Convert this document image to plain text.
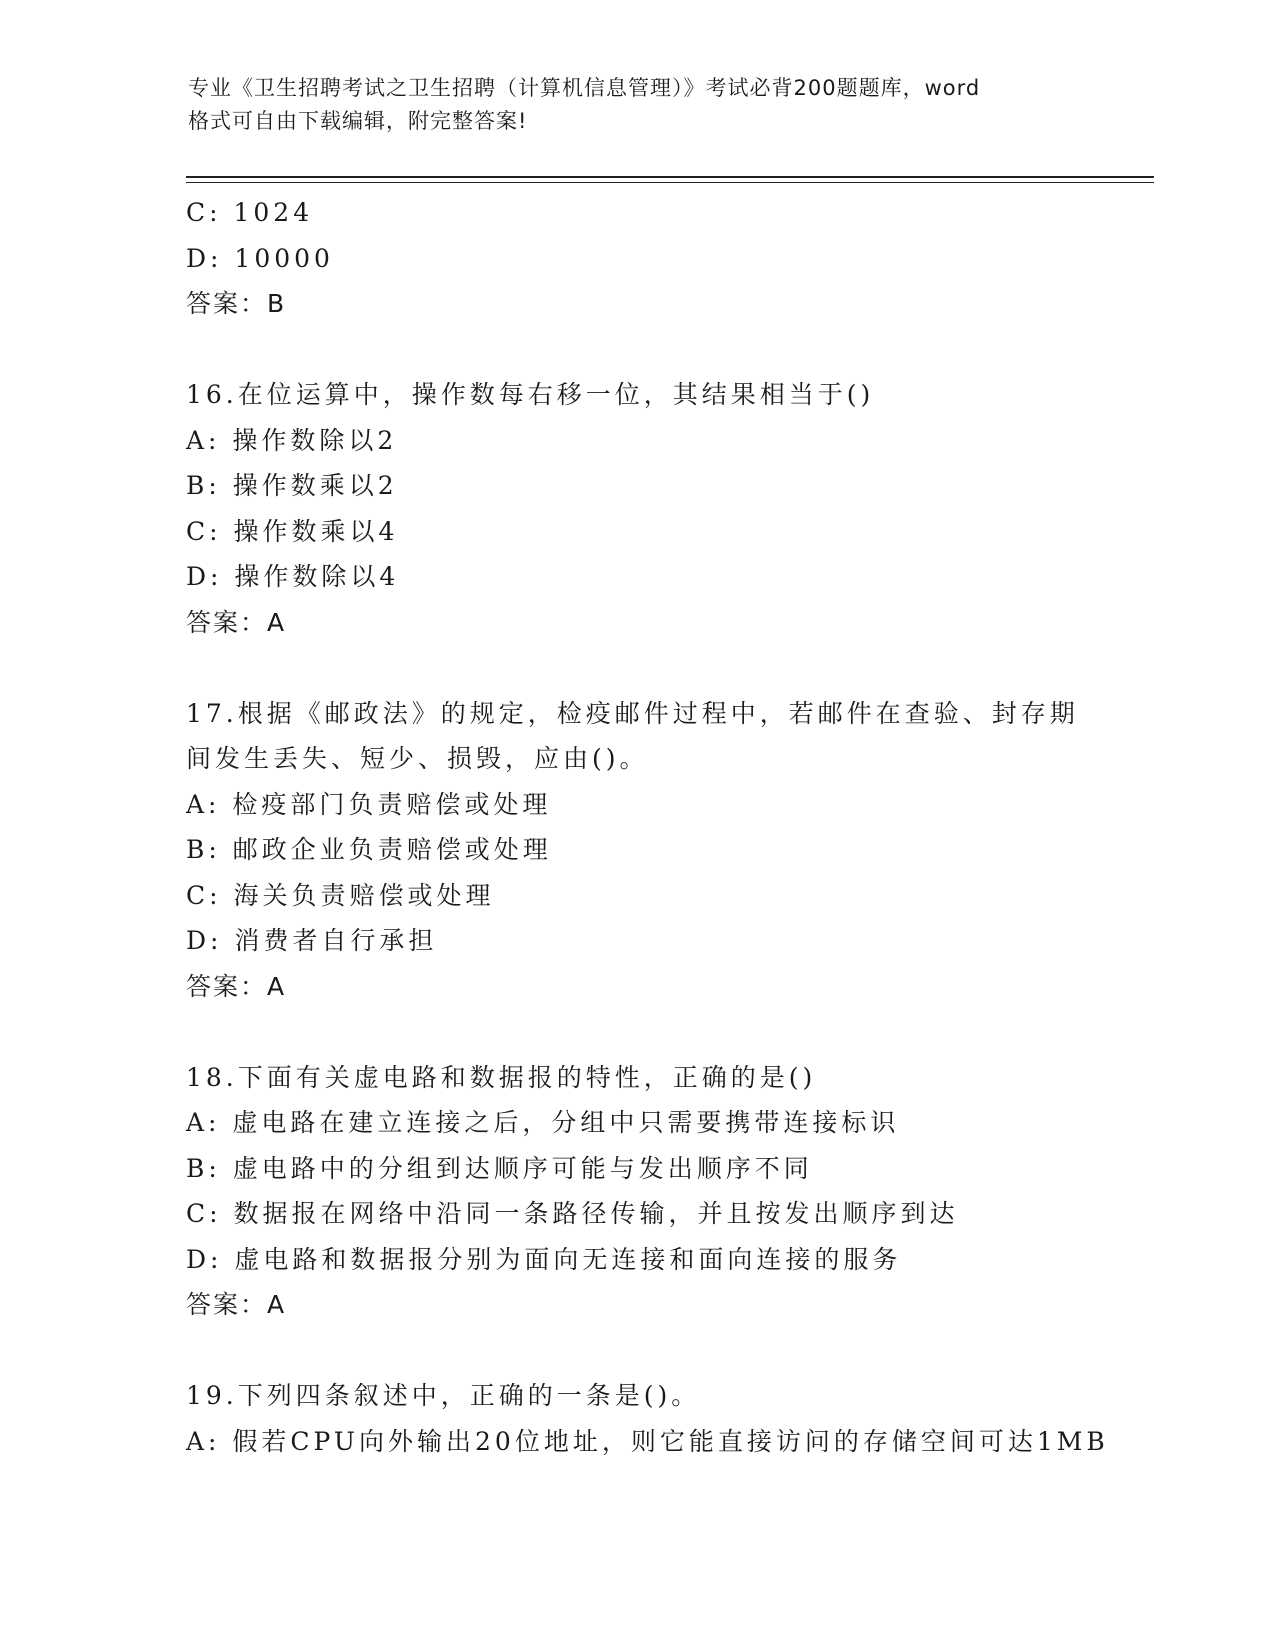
专业《卫生招聘考试之卫生招聘（计算机信息管理）》考试必背200题题库，word
格式可自由下载编辑，附完整答案!
C: 1024
D: 10000
答案：B
16.在位运算中，操作数每右移一位，其结果相当于()
A: 操作数除以2
B: 操作数乘以2
C: 操作数乘以4
D: 操作数除以4
答案：A
17.根据《邮政法》的规定，检疫邮件过程中，若邮件在查验、封存期
间发生丢失、短少、损毁，应由()。
A: 检疫部门负责赔偿或处理
B: 邮政企业负责赔偿或处理
C: 海关负责赔偿或处理
D: 消费者自行承担
答案：A
18.下面有关虚电路和数据报的特性，正确的是()
A: 虚电路在建立连接之后，分组中只需要携带连接标识
B: 虚电路中的分组到达顺序可能与发出顺序不同
C: 数据报在网络中沿同一条路径传输，并且按发出顺序到达
D: 虚电路和数据报分别为面向无连接和面向连接的服务
答案：A
19.下列四条叙述中，正确的一条是()。
A: 假若CPU向外输出20位地址，则它能直接访问的存储空间可达1MB
